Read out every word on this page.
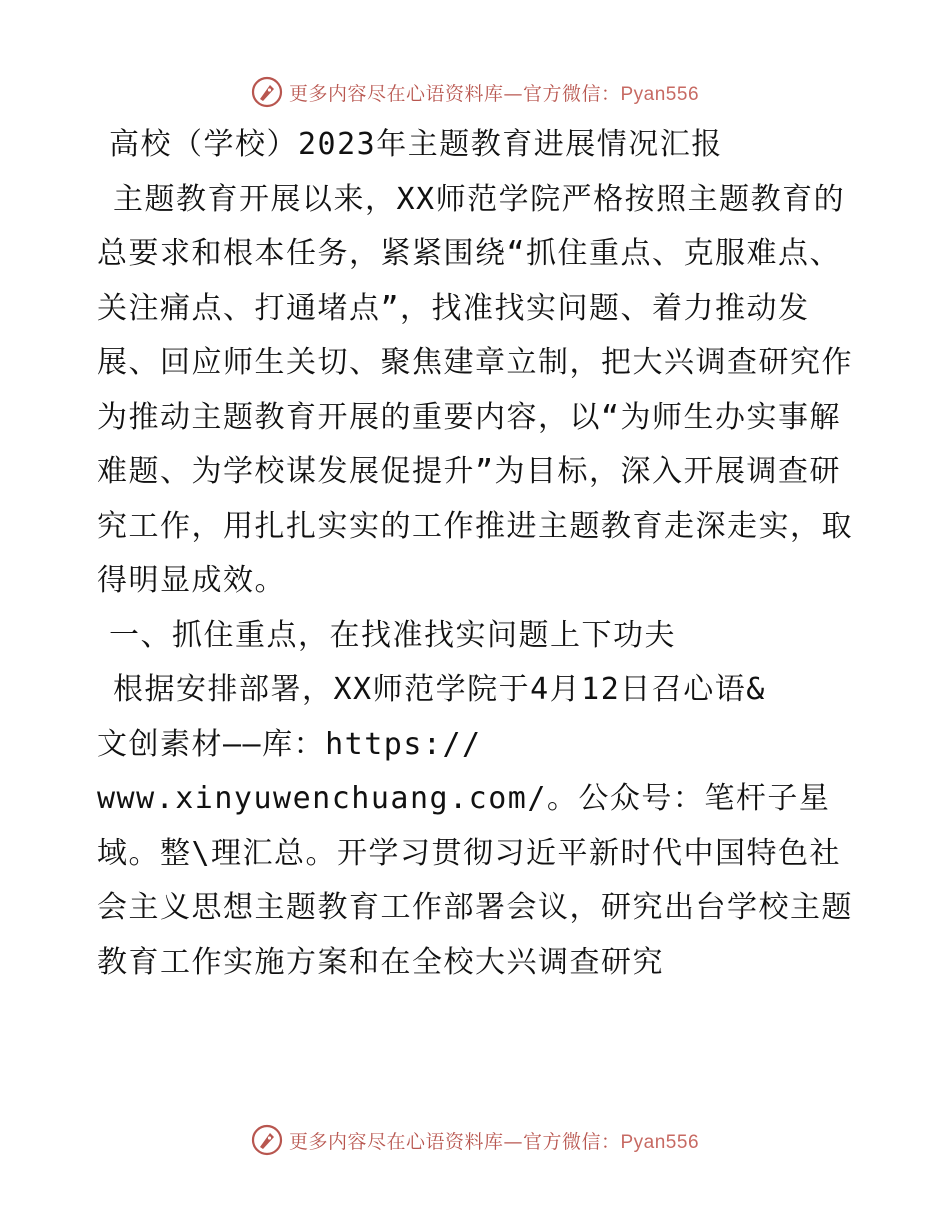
更多内容尽在心语资料库—官方微信：Pyan556

高校（学校）2023年主题教育进展情况汇报

主题教育开展以来，XX师范学院严格按照主题教育的总要求和根本任务，紧紧围绕“抓住重点、克服难点、关注痛点、打通堵点”，找准找实问题、着力推动发展、回应师生关切、聚焦建章立制，把大兴调查研究作为推动主题教育开展的重要内容，以“为师生办实事解难题、为学校谋发展促提升”为目标，深入开展调查研究工作，用扎扎实实的工作推进主题教育走深走实，取得明显成效。

一、抓住重点，在找准找实问题上下功夫

根据安排部署，XX师范学院于4月12日召心语&

文创素材——库：https://

www.xinyuwenchuang.com/。公众号：笔杆子星

域。整\理汇总。开学习贯彻习近平新时代中国特色社会主义思想主题教育工作部署会议，研究出台学校主题教育工作实施方案和在全校大兴调查研究

更多内容尽在心语资料库—官方微信：Pyan556
